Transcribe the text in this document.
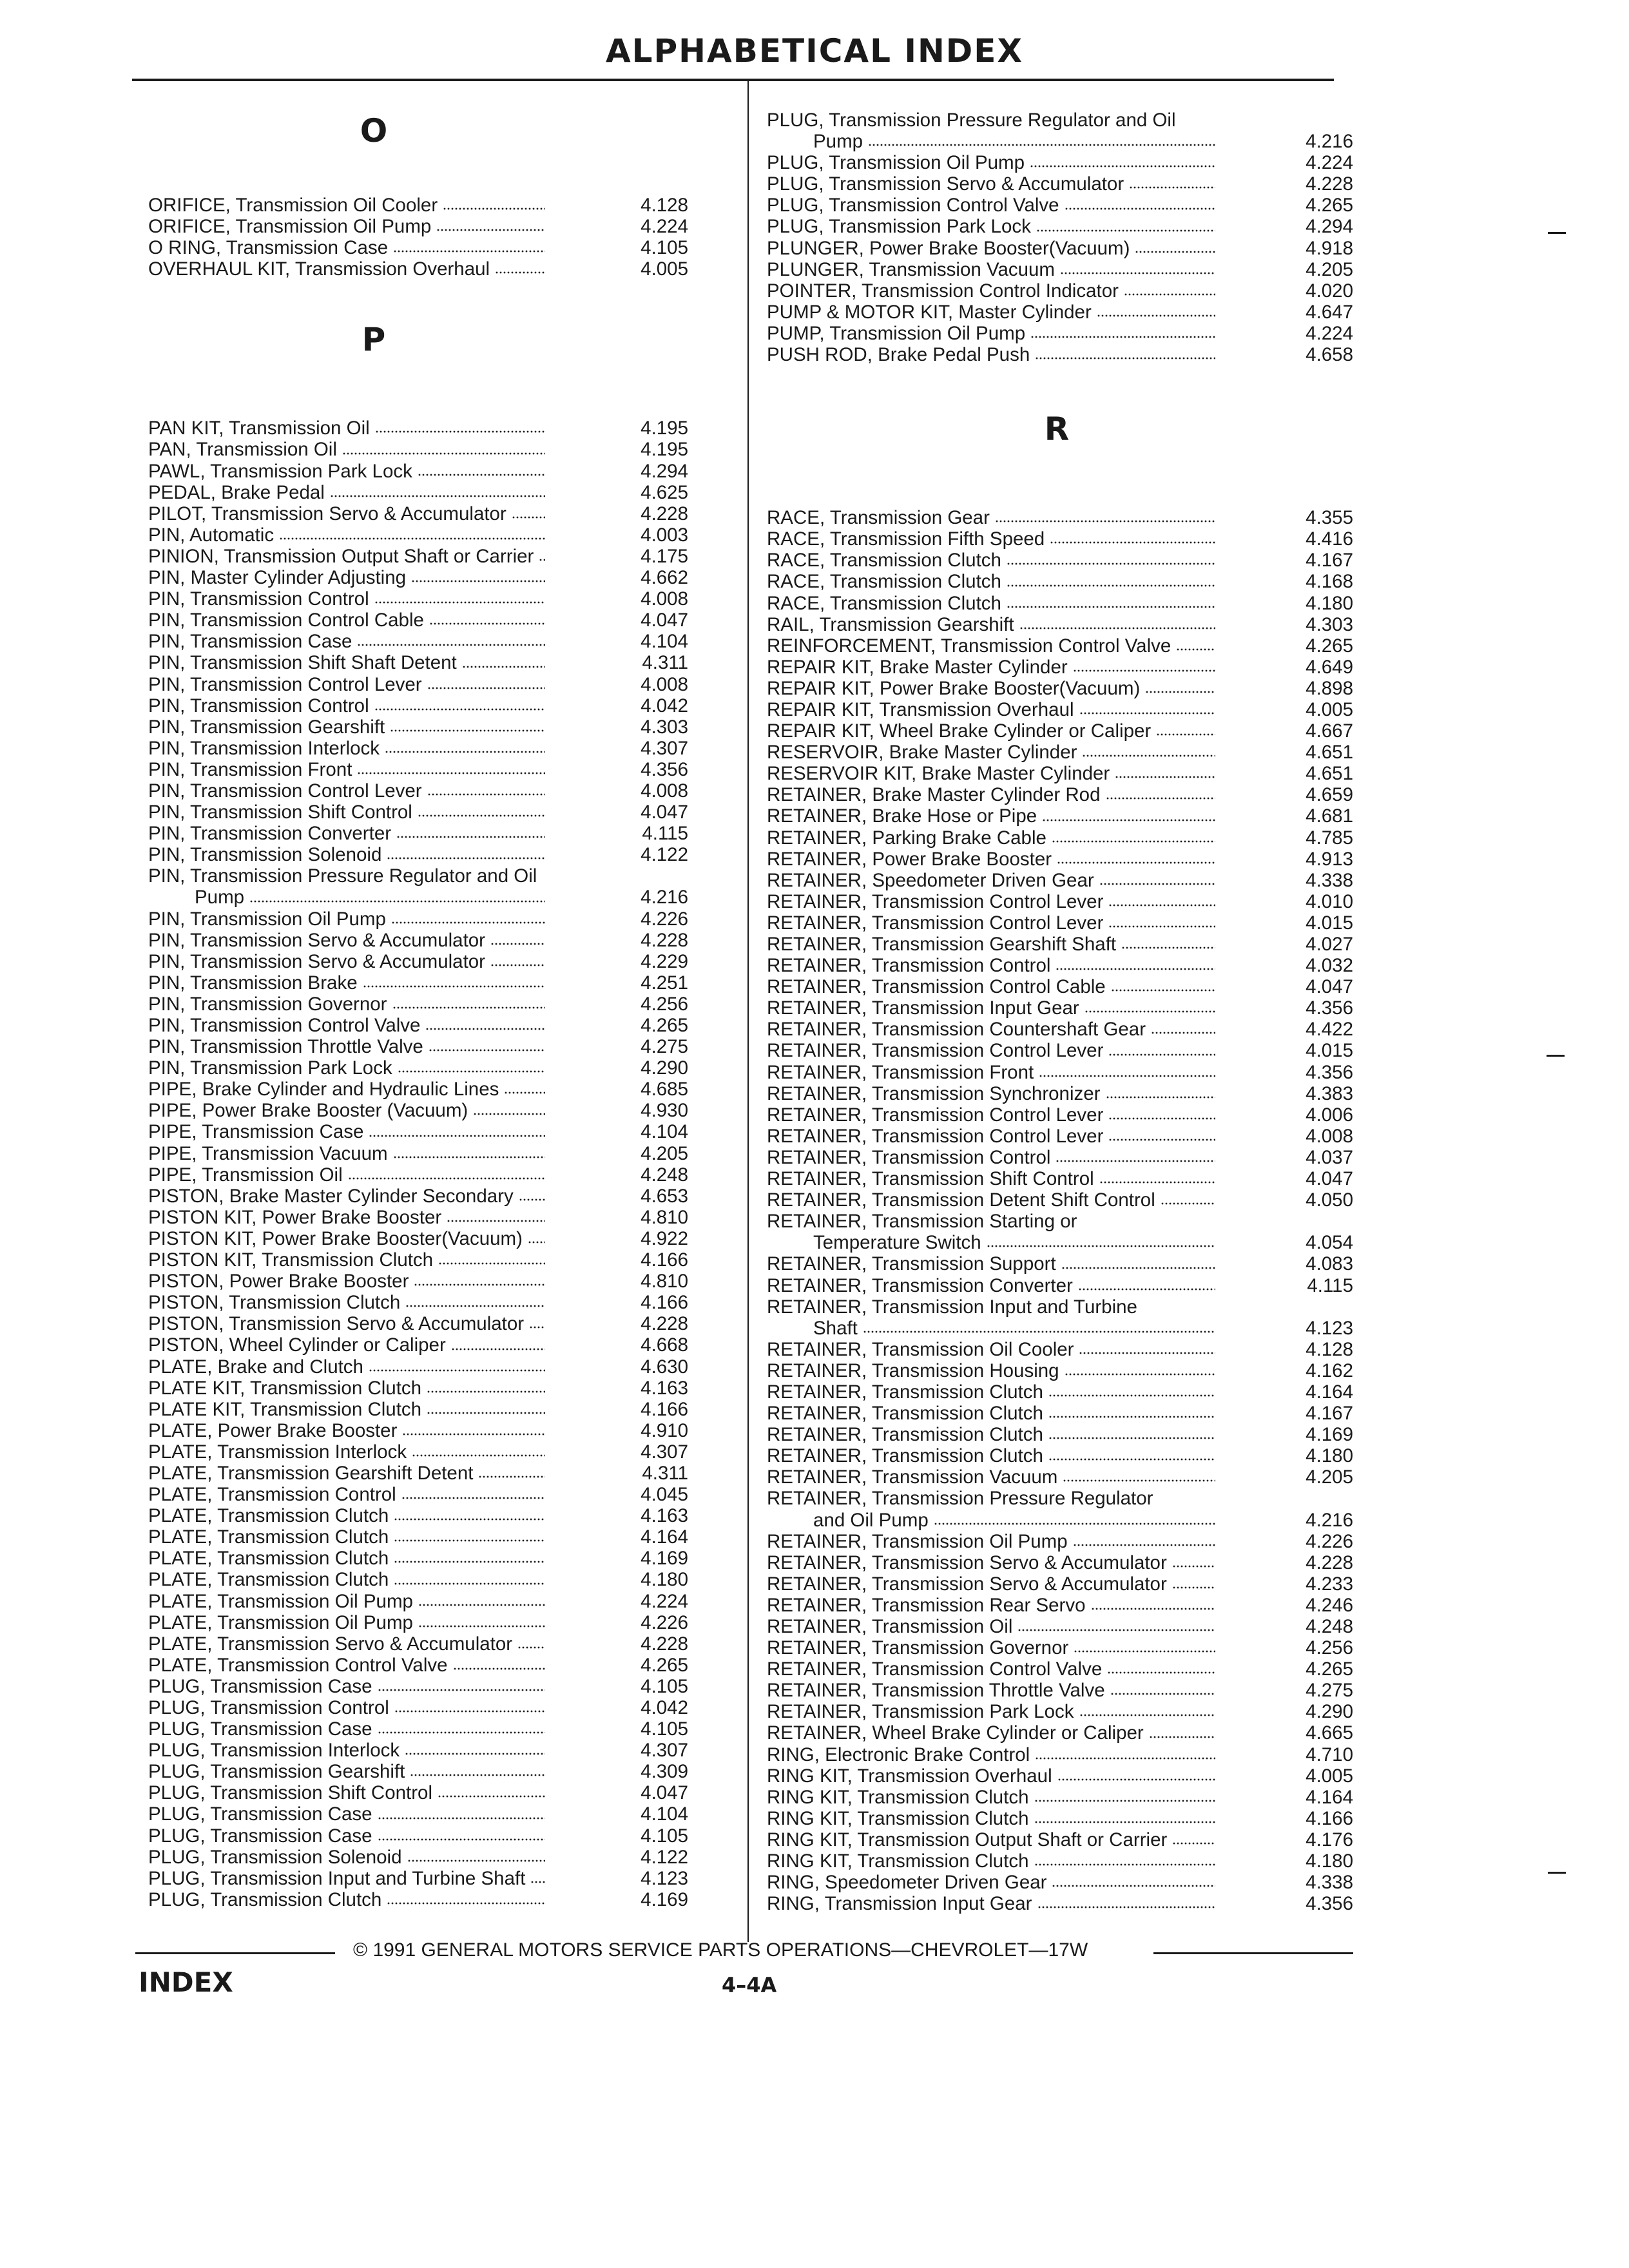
ALPHABETICAL INDEX
O
ORIFICE, Transmission Oil Cooler	4.128
ORIFICE, Transmission Oil Pump	4.224
O RING, Transmission Case	4.105
OVERHAUL KIT, Transmission Overhaul	4.005
P
PAN KIT, Transmission Oil	4.195
PAN, Transmission Oil	4.195
PAWL, Transmission Park Lock	4.294
PEDAL, Brake Pedal	4.625
PILOT, Transmission Servo & Accumulator	4.228
PIN, Automatic	4.003
PINION, Transmission Output Shaft or Carrier	4.175
PIN, Master Cylinder Adjusting	4.662
PIN, Transmission Control	4.008
PIN, Transmission Control Cable	4.047
PIN, Transmission Case	4.104
PIN, Transmission Shift Shaft Detent	4.311
PIN, Transmission Control Lever	4.008
PIN, Transmission Control	4.042
PIN, Transmission Gearshift	4.303
PIN, Transmission Interlock	4.307
PIN, Transmission Front	4.356
PIN, Transmission Control Lever	4.008
PIN, Transmission Shift Control	4.047
PIN, Transmission Converter	4.115
PIN, Transmission Solenoid	4.122
PIN, Transmission Pressure Regulator and Oil
Pump	4.216
PIN, Transmission Oil Pump	4.226
PIN, Transmission Servo & Accumulator	4.228
PIN, Transmission Servo & Accumulator	4.229
PIN, Transmission Brake	4.251
PIN, Transmission Governor	4.256
PIN, Transmission Control Valve	4.265
PIN, Transmission Throttle Valve	4.275
PIN, Transmission Park Lock	4.290
PIPE, Brake Cylinder and Hydraulic Lines	4.685
PIPE, Power Brake Booster (Vacuum)	4.930
PIPE, Transmission Case	4.104
PIPE, Transmission Vacuum	4.205
PIPE, Transmission Oil	4.248
PISTON, Brake Master Cylinder Secondary	4.653
PISTON KIT, Power Brake Booster	4.810
PISTON KIT, Power Brake Booster(Vacuum)	4.922
PISTON KIT, Transmission Clutch	4.166
PISTON, Power Brake Booster	4.810
PISTON, Transmission Clutch	4.166
PISTON, Transmission Servo & Accumulator	4.228
PISTON, Wheel Cylinder or Caliper	4.668
PLATE, Brake and Clutch	4.630
PLATE KIT, Transmission Clutch	4.163
PLATE KIT, Transmission Clutch	4.166
PLATE, Power Brake Booster	4.910
PLATE, Transmission Interlock	4.307
PLATE, Transmission Gearshift Detent	4.311
PLATE, Transmission Control	4.045
PLATE, Transmission Clutch	4.163
PLATE, Transmission Clutch	4.164
PLATE, Transmission Clutch	4.169
PLATE, Transmission Clutch	4.180
PLATE, Transmission Oil Pump	4.224
PLATE, Transmission Oil Pump	4.226
PLATE, Transmission Servo & Accumulator	4.228
PLATE, Transmission Control Valve	4.265
PLUG, Transmission Case	4.105
PLUG, Transmission Control	4.042
PLUG, Transmission Case	4.105
PLUG, Transmission Interlock	4.307
PLUG, Transmission Gearshift	4.309
PLUG, Transmission Shift Control	4.047
PLUG, Transmission Case	4.104
PLUG, Transmission Case	4.105
PLUG, Transmission Solenoid	4.122
PLUG, Transmission Input and Turbine Shaft	4.123
PLUG, Transmission Clutch	4.169
PLUG, Transmission Pressure Regulator and Oil
Pump	4.216
PLUG, Transmission Oil Pump	4.224
PLUG, Transmission Servo & Accumulator	4.228
PLUG, Transmission Control Valve	4.265
PLUG, Transmission Park Lock	4.294
PLUNGER, Power Brake Booster(Vacuum)	4.918
PLUNGER, Transmission Vacuum	4.205
POINTER, Transmission Control Indicator	4.020
PUMP & MOTOR KIT, Master Cylinder	4.647
PUMP, Transmission Oil Pump	4.224
PUSH ROD, Brake Pedal Push	4.658
R
RACE, Transmission Gear	4.355
RACE, Transmission Fifth Speed	4.416
RACE, Transmission Clutch	4.167
RACE, Transmission Clutch	4.168
RACE, Transmission Clutch	4.180
RAIL, Transmission Gearshift	4.303
REINFORCEMENT, Transmission Control Valve	4.265
REPAIR KIT, Brake Master Cylinder	4.649
REPAIR KIT, Power Brake Booster(Vacuum)	4.898
REPAIR KIT, Transmission Overhaul	4.005
REPAIR KIT, Wheel Brake Cylinder or Caliper	4.667
RESERVOIR, Brake Master Cylinder	4.651
RESERVOIR KIT, Brake Master Cylinder	4.651
RETAINER, Brake Master Cylinder Rod	4.659
RETAINER, Brake Hose or Pipe	4.681
RETAINER, Parking Brake Cable	4.785
RETAINER, Power Brake Booster	4.913
RETAINER, Speedometer Driven Gear	4.338
RETAINER, Transmission Control Lever	4.010
RETAINER, Transmission Control Lever	4.015
RETAINER, Transmission Gearshift Shaft	4.027
RETAINER, Transmission Control	4.032
RETAINER, Transmission Control Cable	4.047
RETAINER, Transmission Input Gear	4.356
RETAINER, Transmission Countershaft Gear	4.422
RETAINER, Transmission Control Lever	4.015
RETAINER, Transmission Front	4.356
RETAINER, Transmission Synchronizer	4.383
RETAINER, Transmission Control Lever	4.006
RETAINER, Transmission Control Lever	4.008
RETAINER, Transmission Control	4.037
RETAINER, Transmission Shift Control	4.047
RETAINER, Transmission Detent Shift Control	4.050
RETAINER, Transmission Starting or
Temperature Switch	4.054
RETAINER, Transmission Support	4.083
RETAINER, Transmission Converter	4.115
RETAINER, Transmission Input and Turbine
Shaft	4.123
RETAINER, Transmission Oil Cooler	4.128
RETAINER, Transmission Housing	4.162
RETAINER, Transmission Clutch	4.164
RETAINER, Transmission Clutch	4.167
RETAINER, Transmission Clutch	4.169
RETAINER, Transmission Clutch	4.180
RETAINER, Transmission Vacuum	4.205
RETAINER, Transmission Pressure Regulator
and Oil Pump	4.216
RETAINER, Transmission Oil Pump	4.226
RETAINER, Transmission Servo & Accumulator	4.228
RETAINER, Transmission Servo & Accumulator	4.233
RETAINER, Transmission Rear Servo	4.246
RETAINER, Transmission Oil	4.248
RETAINER, Transmission Governor	4.256
RETAINER, Transmission Control Valve	4.265
RETAINER, Transmission Throttle Valve	4.275
RETAINER, Transmission Park Lock	4.290
RETAINER, Wheel Brake Cylinder or Caliper	4.665
RING, Electronic Brake Control	4.710
RING KIT, Transmission Overhaul	4.005
RING KIT, Transmission Clutch	4.164
RING KIT, Transmission Clutch	4.166
RING KIT, Transmission Output Shaft or Carrier	4.176
RING KIT, Transmission Clutch	4.180
RING, Speedometer Driven Gear	4.338
RING, Transmission Input Gear	4.356
© 1991 GENERAL MOTORS SERVICE PARTS OPERATIONS—CHEVROLET—17W
INDEX	4–4A
